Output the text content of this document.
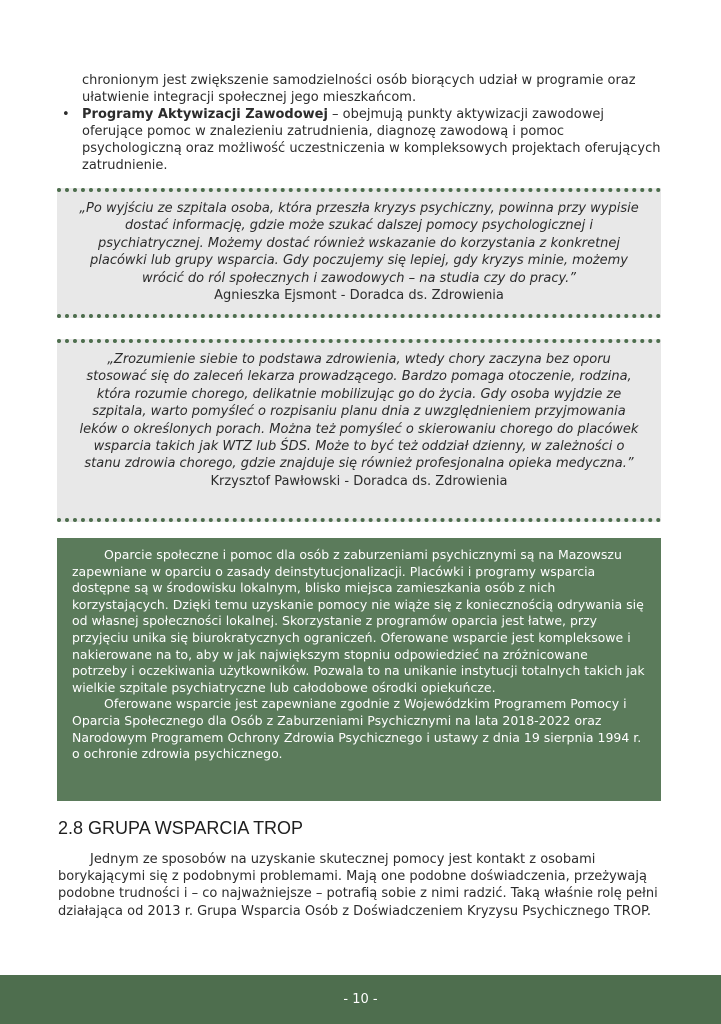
chronionym jest zwiększenie samodzielności osób biorących udział w programie oraz ułatwienie integracji społecznej jego mieszkańcom.
• Programy Aktywizacji Zawodowej – obejmują punkty aktywizacji zawodowej oferujące pomoc w znalezieniu zatrudnienia, diagnozę zawodową i pomoc psychologiczną oraz możliwość uczestniczenia w kompleksowych projektach oferujących zatrudnienie.
„Po wyjściu ze szpitala osoba, która przeszła kryzys psychiczny, powinna przy wypisie dostać informację, gdzie może szukać dalszej pomocy psychologicznej i psychiatrycznej. Możemy dostać również wskazanie do korzystania z konkretnej placówki lub grupy wsparcia. Gdy poczujemy się lepiej, gdy kryzys minie, możemy wrócić do ról społecznych i zawodowych – na studia czy do pracy.”
Agnieszka Ejsmont - Doradca ds. Zdrowienia
„Zrozumienie siebie to podstawa zdrowienia, wtedy chory zaczyna bez oporu stosować się do zaleceń lekarza prowadzącego. Bardzo pomaga otoczenie, rodzina, która rozumie chorego, delikatnie mobilizując go do życia. Gdy osoba wyjdzie ze szpitala, warto pomyśleć o rozpisaniu planu dnia z uwzględnieniem przyjmowania leków o określonych porach. Można też pomyśleć o skierowaniu chorego do placówek wsparcia takich jak WTZ lub ŚDS. Może to być też oddział dzienny, w zależności o stanu zdrowia chorego, gdzie znajduje się również profesjonalna opieka medyczna.”
Krzysztof Pawłowski - Doradca ds. Zdrowienia

Oparcie społeczne i pomoc dla osób z zaburzeniami psychicznymi są na Mazowszu zapewniane w oparciu o zasady deinstytucjonalizacji. Placówki i programy wsparcia dostępne są w środowisku lokalnym, blisko miejsca zamieszkania osób z nich korzystających. Dzięki temu uzyskanie pomocy nie wiąże się z koniecznością odrywania się od własnej społeczności lokalnej. Skorzystanie z programów oparcia jest łatwe, przy przyjęciu unika się biurokratycznych ograniczeń. Oferowane wsparcie jest kompleksowe i nakierowane na to, aby w jak największym stopniu odpowiedzieć na zróżnicowane potrzeby i oczekiwania użytkowników. Pozwala to na unikanie instytucji totalnych takich jak wielkie szpitale psychiatryczne lub całodobowe ośrodki opiekuńcze.

Oferowane wsparcie jest zapewniane zgodnie z Wojewódzkim Programem Pomocy i Oparcia Społecznego dla Osób z Zaburzeniami Psychicznymi na lata 2018-2022 oraz Narodowym Programem Ochrony Zdrowia Psychicznego i ustawy z dnia 19 sierpnia 1994 r. o ochronie zdrowia psychicznego.

2.8 GRUPA WSPARCIA TROP

Jednym ze sposobów na uzyskanie skutecznej pomocy jest kontakt z osobami borykającymi się z podobnymi problemami. Mają one podobne doświadczenia, przeżywają podobne trudności i – co najważniejsze – potrafią sobie z nimi radzić. Taką właśnie rolę pełni działająca od 2013 r. Grupa Wsparcia Osób z Doświadczeniem Kryzysu Psychicznego TROP.

- 10 -
